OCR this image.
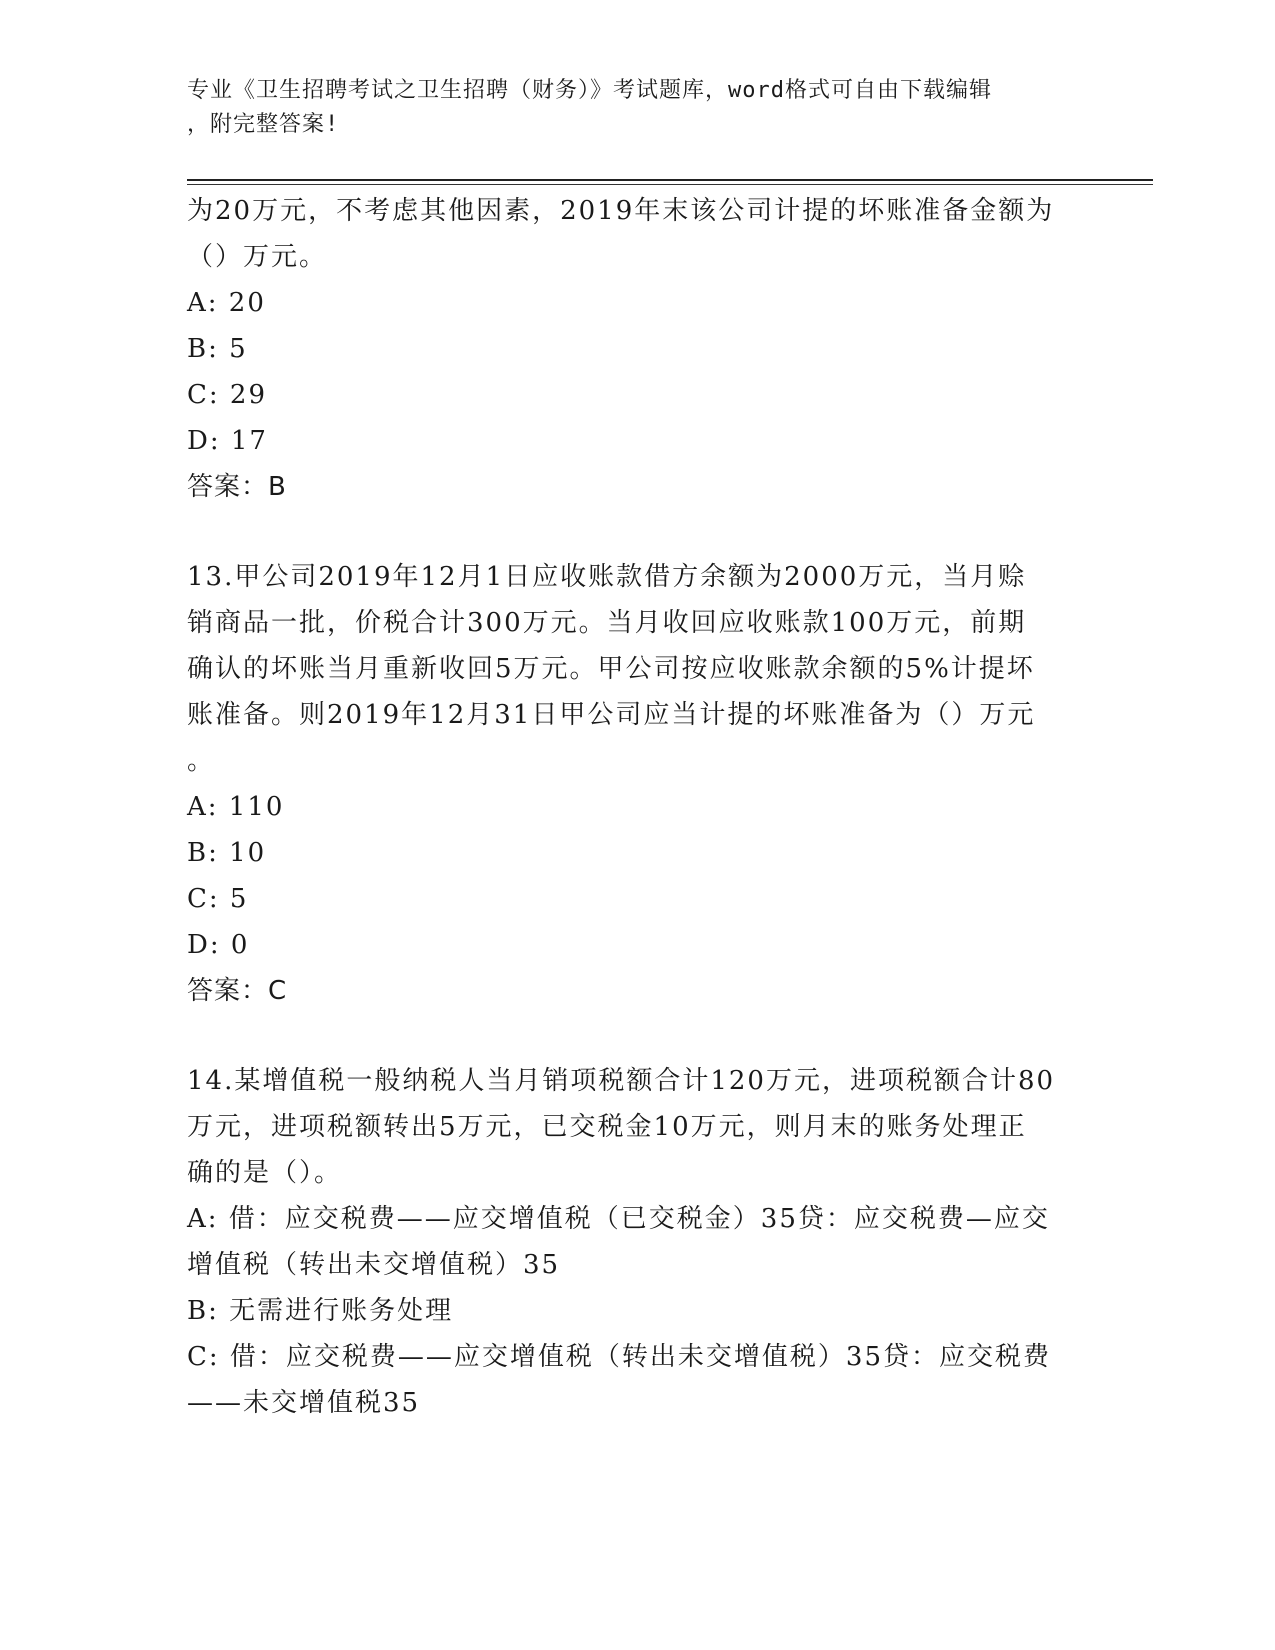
专业《卫生招聘考试之卫生招聘（财务）》考试题库，word格式可自由下载编辑
，附完整答案!
为20万元，不考虑其他因素，2019年末该公司计提的坏账准备金额为
（）万元。
A: 20
B: 5
C: 29
D: 17
答案：B
13.甲公司2019年12月1日应收账款借方余额为2000万元，当月赊
销商品一批，价税合计300万元。当月收回应收账款100万元，前期
确认的坏账当月重新收回5万元。甲公司按应收账款余额的5%计提坏
账准备。则2019年12月31日甲公司应当计提的坏账准备为（）万元
。
A: 110
B: 10
C: 5
D: 0
答案：C
14.某增值税一般纳税人当月销项税额合计120万元，进项税额合计80
万元，进项税额转出5万元，已交税金10万元，则月末的账务处理正
确的是（）。
A: 借：应交税费——应交增值税（已交税金）35贷：应交税费—应交
增值税（转出未交增值税）35
B: 无需进行账务处理
C: 借：应交税费——应交增值税（转出未交增值税）35贷：应交税费
——未交增值税35
